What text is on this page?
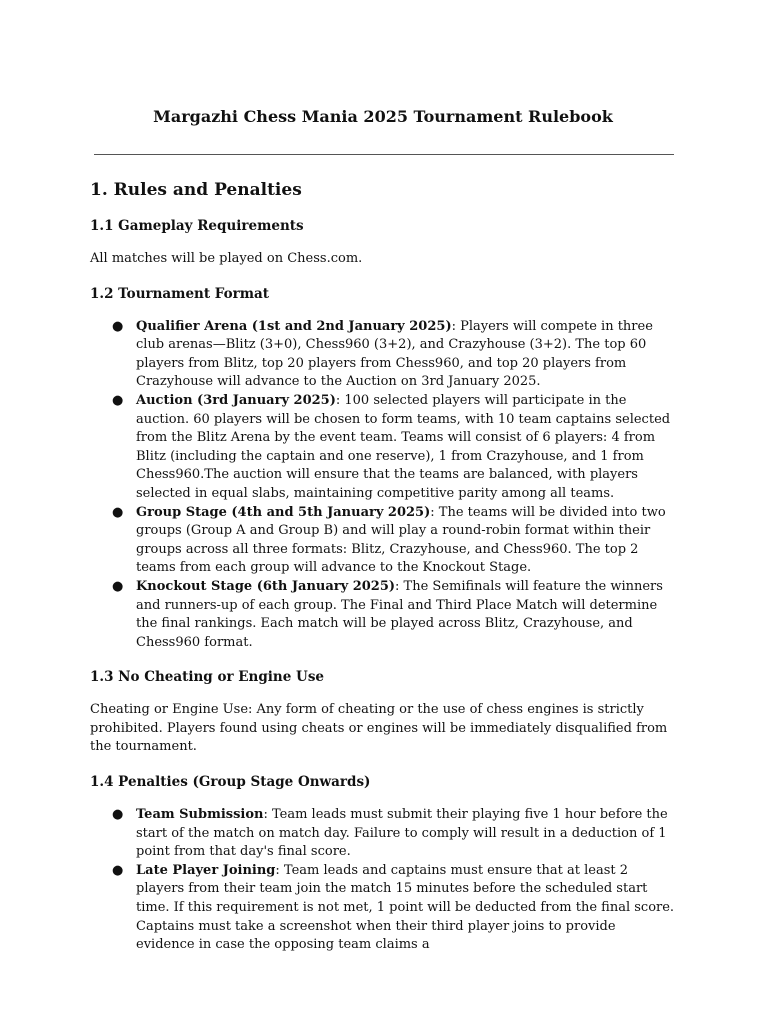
Margazhi Chess Mania 2025 Tournament Rulebook
1. Rules and Penalties
1.1 Gameplay Requirements

All matches will be played on Chess.com.

1.2 Tournament Format
● Qualifier Arena (1st and 2nd January 2025): Players will compete in three club arenas—Blitz (3+0), Chess960 (3+2), and Crazyhouse (3+2). The top 60 players from Blitz, top 20 players from Chess960, and top 20 players from Crazyhouse will advance to the Auction on 3rd January 2025.
● Auction (3rd January 2025): 100 selected players will participate in the auction. 60 players will be chosen to form teams, with 10 team captains selected from the Blitz Arena by the event team. Teams will consist of 6 players: 4 from Blitz (including the captain and one reserve), 1 from Crazyhouse, and 1 from Chess960.The auction will ensure that the teams are balanced, with players selected in equal slabs, maintaining competitive parity among all teams.
● Group Stage (4th and 5th January 2025): The teams will be divided into two groups (Group A and Group B) and will play a round-robin format within their groups across all three formats: Blitz, Crazyhouse, and Chess960. The top 2 teams from each group will advance to the Knockout Stage.
● Knockout Stage (6th January 2025): The Semifinals will feature the winners and runners-up of each group. The Final and Third Place Match will determine the final rankings. Each match will be played across Blitz, Crazyhouse, and Chess960 format.
1.3 No Cheating or Engine Use

Cheating or Engine Use: Any form of cheating or the use of chess engines is strictly prohibited. Players found using cheats or engines will be immediately disqualified from the tournament.

1.4 Penalties (Group Stage Onwards)
● Team Submission: Team leads must submit their playing five 1 hour before the start of the match on match day. Failure to comply will result in a deduction of 1 point from that day's final score.
● Late Player Joining: Team leads and captains must ensure that at least 2 players from their team join the match 15 minutes before the scheduled start time. If this requirement is not met, 1 point will be deducted from the final score. Captains must take a screenshot when their third player joins to provide evidence in case the opposing team claims a
